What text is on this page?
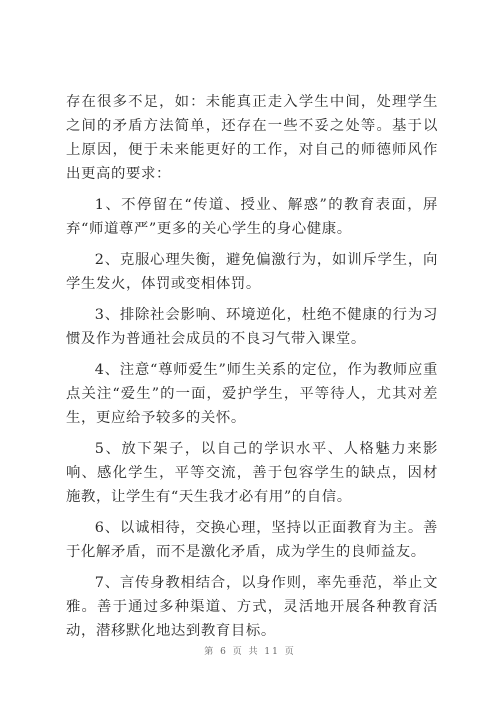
存在很多不足，如：未能真正走入学生中间，处理学生之间的矛盾方法简单，还存在一些不妥之处等。基于以上原因，便于未来能更好的工作，对自己的师德师风作出更高的要求：

1、不停留在“传道、授业、解惑”的教育表面，屏弃“师道尊严”更多的关心学生的身心健康。

2、克服心理失衡，避免偏激行为，如训斥学生，向学生发火，体罚或变相体罚。

3、排除社会影响、环境逆化，杜绝不健康的行为习惯及作为普通社会成员的不良习气带入课堂。

4、注意“尊师爱生”师生关系的定位，作为教师应重点关注“爱生”的一面，爱护学生，平等待人，尤其对差生，更应给予较多的关怀。

5、放下架子，以自己的学识水平、人格魅力来影响、感化学生，平等交流，善于包容学生的缺点，因材施教，让学生有“天生我才必有用”的自信。

6、以诚相待，交换心理，坚持以正面教育为主。善于化解矛盾，而不是激化矛盾，成为学生的良师益友。

7、言传身教相结合，以身作则，率先垂范，举止文雅。善于通过多种渠道、方式，灵活地开展各种教育活动，潜移默化地达到教育目标。

第 6 页 共 11 页
